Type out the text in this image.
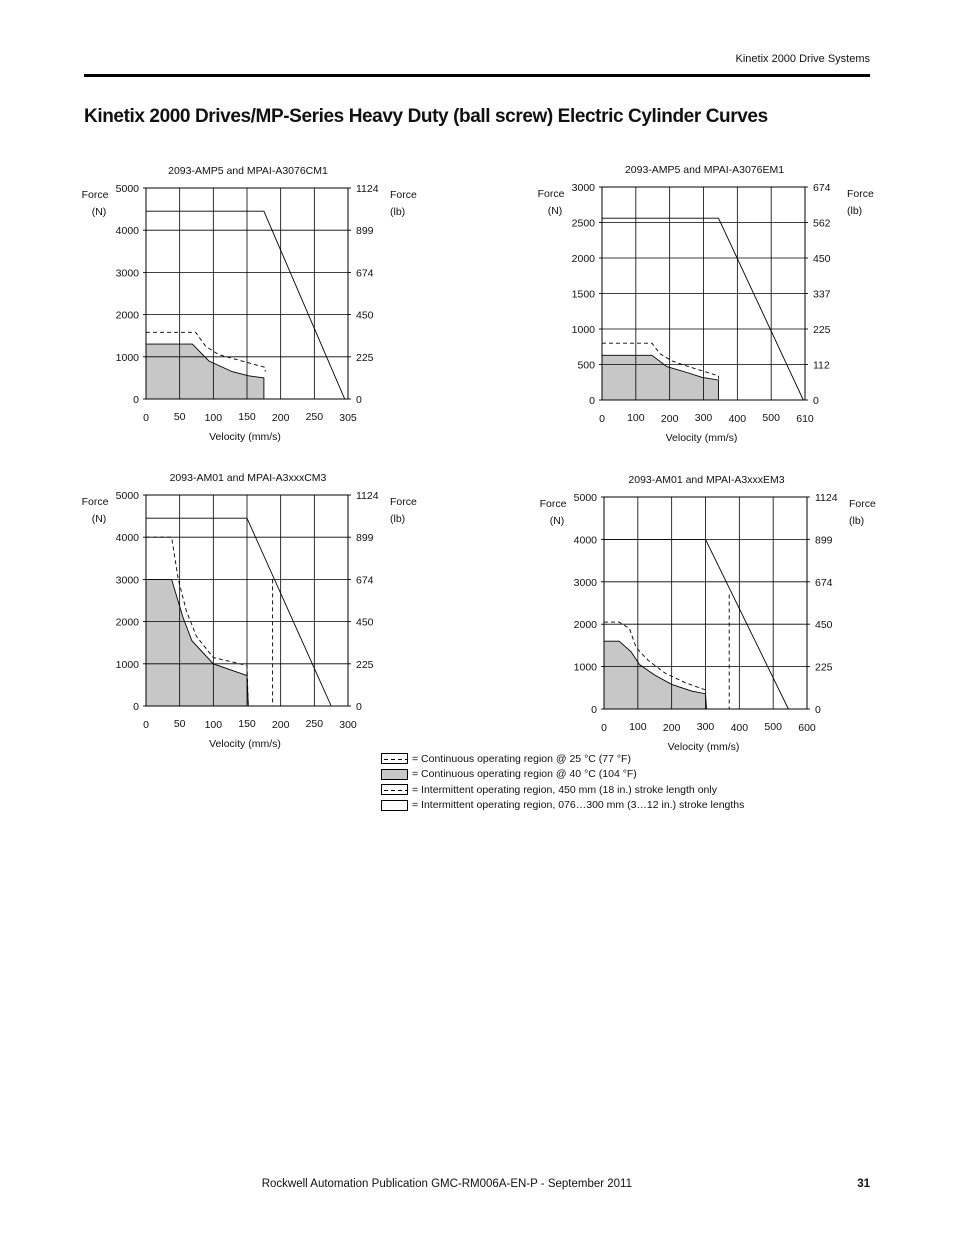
Kinetix 2000 Drive Systems
Kinetix 2000 Drives/MP-Series Heavy Duty (ball screw) Electric Cylinder Curves
2093-AMP5 and MPAI-A3076CM1
0
1000
2000
3000
4000
5000
0
225
450
674
899
1124
0 50 100 150 200 250 305
Force
(N)
Force
(lb)
Velocity (mm/s)
2093-AMP5 and MPAI-A3076EM1
0
500
1000
1500
2000
2500
3000
0
112
225
337
450
562
674
0 100 200 300 400 500 610
Force
(N)
Force
(lb)
Velocity (mm/s)
2093-AM01 and MPAI-A3xxxCM3
0
1000
2000
3000
4000
5000
0
225
450
674
899
1124
0 50 100 150 200 250 300
Force
(N)
Force
(lb)
Velocity (mm/s)
2093-AM01 and MPAI-A3xxxEM3
0
1000
2000
3000
4000
5000
0
225
450
674
899
1124
0 100 200 300 400 500 600
Force
(N)
Force
(lb)
Velocity (mm/s)
= Continuous operating region @ 25 °C (77 °F)
= Continuous operating region @ 40 °C (104 °F)
= Intermittent operating region, 450 mm (18 in.) stroke length only
= Intermittent operating region, 076…300 mm (3…12 in.) stroke lengths
Rockwell Automation Publication GMC-RM006A-EN-P - September 2011	31
